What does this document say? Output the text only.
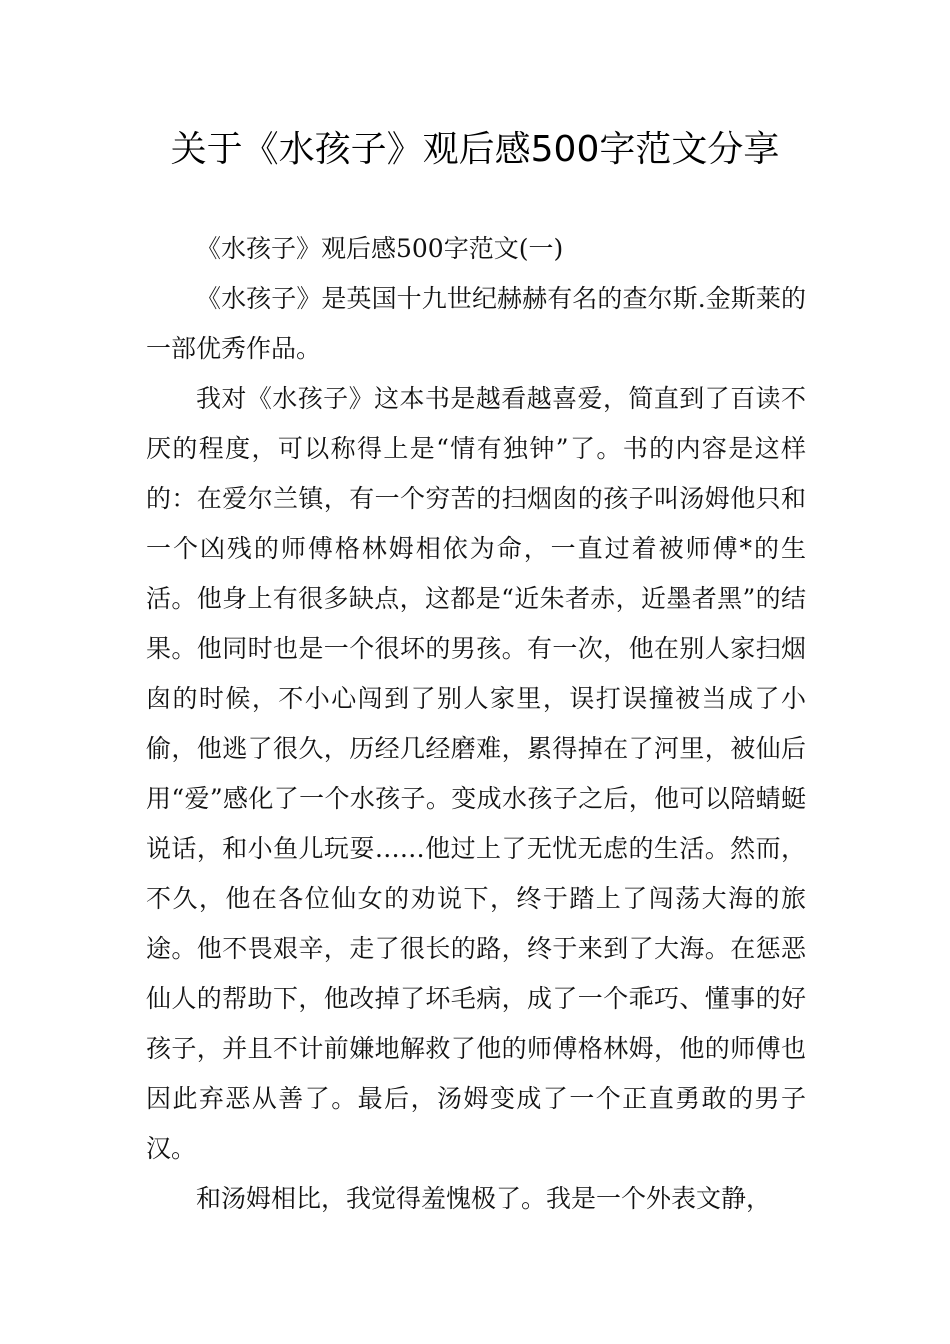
关于《水孩子》观后感500字范文分享

《水孩子》观后感500字范文(一)

《水孩子》是英国十九世纪赫赫有名的查尔斯.金斯莱的一部优秀作品。

我对《水孩子》这本书是越看越喜爱，简直到了百读不厌的程度，可以称得上是“情有独钟”了。书的内容是这样的：在爱尔兰镇，有一个穷苦的扫烟囱的孩子叫汤姆他只和一个凶残的师傅格林姆相依为命，一直过着被师傅*的生活。他身上有很多缺点，这都是“近朱者赤，近墨者黑”的结果。他同时也是一个很坏的男孩。有一次，他在别人家扫烟囱的时候，不小心闯到了别人家里，误打误撞被当成了小偷，他逃了很久，历经几经磨难，累得掉在了河里，被仙后用“爱”感化了一个水孩子。变成水孩子之后，他可以陪蜻蜓说话，和小鱼儿玩耍……他过上了无忧无虑的生活。然而，不久，他在各位仙女的劝说下，终于踏上了闯荡大海的旅途。他不畏艰辛，走了很长的路，终于来到了大海。在惩恶仙人的帮助下，他改掉了坏毛病，成了一个乖巧、懂事的好孩子，并且不计前嫌地解救了他的师傅格林姆，他的师傅也因此弃恶从善了。最后，汤姆变成了一个正直勇敢的男子汉。

和汤姆相比，我觉得羞愧极了。我是一个外表文静，
